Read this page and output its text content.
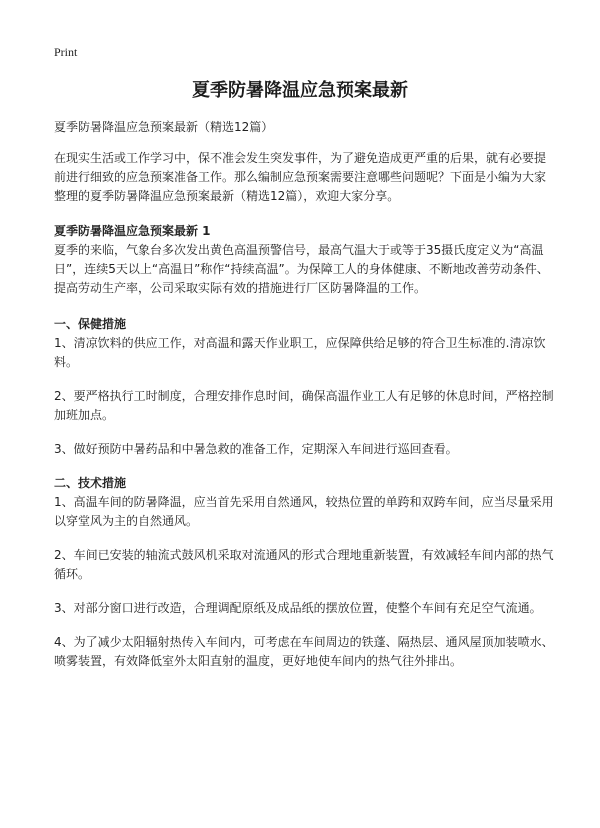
Print
夏季防暑降温应急预案最新

夏季防暑降温应急预案最新（精选12篇）

在现实生活或工作学习中，保不准会发生突发事件，为了避免造成更严重的后果，就有必要提前进行细致的应急预案准备工作。那么编制应急预案需要注意哪些问题呢？下面是小编为大家整理的夏季防暑降温应急预案最新（精选12篇），欢迎大家分享。

夏季防暑降温应急预案最新 1

夏季的来临，气象台多次发出黄色高温预警信号，最高气温大于或等于35摄氏度定义为“高温日”，连续5天以上“高温日”称作“持续高温”。为保障工人的身体健康、不断地改善劳动条件、提高劳动生产率，公司采取实际有效的措施进行厂区防暑降温的工作。

一、保健措施

1、清凉饮料的供应工作，对高温和露天作业职工，应保障供给足够的符合卫生标准的.清凉饮料。

2、要严格执行工时制度，合理安排作息时间，确保高温作业工人有足够的休息时间，严格控制加班加点。

3、做好预防中暑药品和中暑急救的准备工作，定期深入车间进行巡回查看。

二、技术措施

1、高温车间的防暑降温，应当首先采用自然通风，较热位置的单跨和双跨车间，应当尽量采用以穿堂风为主的自然通风。

2、车间已安装的轴流式鼓风机采取对流通风的形式合理地重新装置，有效减轻车间内部的热气循环。

3、对部分窗口进行改造，合理调配原纸及成品纸的摆放位置，使整个车间有充足空气流通。

4、为了减少太阳辐射热传入车间内，可考虑在车间周边的铁蓬、隔热层、通风屋顶加装喷水、喷雾装置，有效降低室外太阳直射的温度，更好地使车间内的热气往外排出。
